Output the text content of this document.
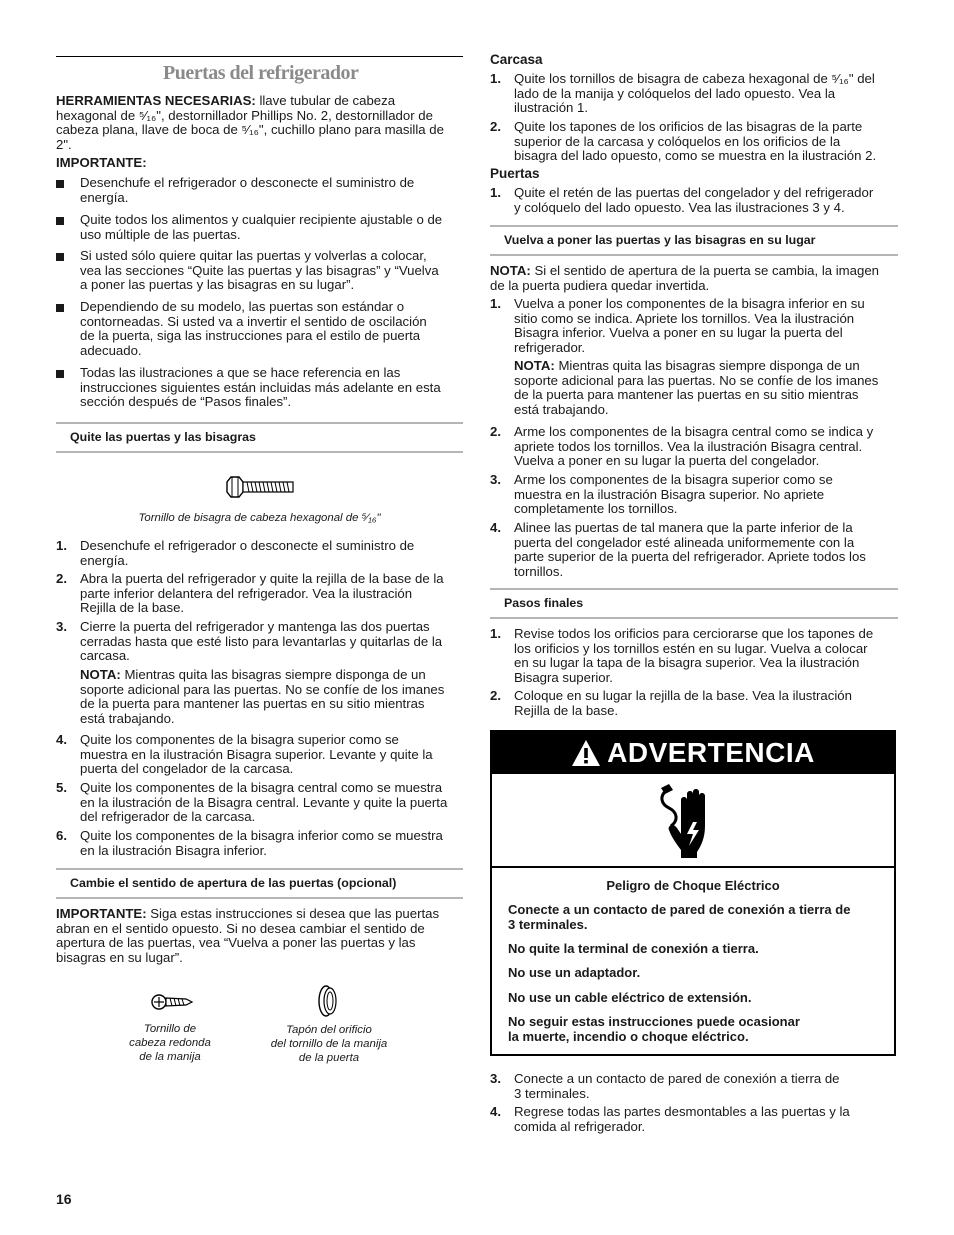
Puertas del refrigerador
HERRAMIENTAS NECESARIAS: llave tubular de cabeza
hexagonal de ⁵⁄₁₆", destornillador Phillips No. 2, destornillador de
cabeza plana, llave de boca de ⁵⁄₁₆", cuchillo plano para masilla de
2".
IMPORTANTE:
Desenchufe el refrigerador o desconecte el suministro de
energía.
Quite todos los alimentos y cualquier recipiente ajustable o de
uso múltiple de las puertas.
Si usted sólo quiere quitar las puertas y volverlas a colocar,
vea las secciones “Quite las puertas y las bisagras” y “Vuelva
a poner las puertas y las bisagras en su lugar”.
Dependiendo de su modelo, las puertas son estándar o
contorneadas. Si usted va a invertir el sentido de oscilación
de la puerta, siga las instrucciones para el estilo de puerta
adecuado.
Todas las ilustraciones a que se hace referencia en las
instrucciones siguientes están incluidas más adelante en esta
sección después de “Pasos finales”.
Quite las puertas y las bisagras
Tornillo de bisagra de cabeza hexagonal de ⁵⁄₁₆"
1. Desenchufe el refrigerador o desconecte el suministro de
energía.
2. Abra la puerta del refrigerador y quite la rejilla de la base de la
parte inferior delantera del refrigerador. Vea la ilustración
Rejilla de la base.
3. Cierre la puerta del refrigerador y mantenga las dos puertas
cerradas hasta que esté listo para levantarlas y quitarlas de la
carcasa.
NOTA: Mientras quita las bisagras siempre disponga de un
soporte adicional para las puertas. No se confíe de los imanes
de la puerta para mantener las puertas en su sitio mientras
está trabajando.
4. Quite los componentes de la bisagra superior como se
muestra en la ilustración Bisagra superior. Levante y quite la
puerta del congelador de la carcasa.
5. Quite los componentes de la bisagra central como se muestra
en la ilustración de la Bisagra central. Levante y quite la puerta
del refrigerador de la carcasa.
6. Quite los componentes de la bisagra inferior como se muestra
en la ilustración Bisagra inferior.
Cambie el sentido de apertura de las puertas (opcional)
IMPORTANTE: Siga estas instrucciones si desea que las puertas
abran en el sentido opuesto. Si no desea cambiar el sentido de
apertura de las puertas, vea “Vuelva a poner las puertas y las
bisagras en su lugar”.
Tornillo de
cabeza redonda
de la manija
Tapón del orificio
del tornillo de la manija
de la puerta
16
Carcasa
1. Quite los tornillos de bisagra de cabeza hexagonal de ⁵⁄₁₆" del
lado de la manija y colóquelos del lado opuesto. Vea la
ilustración 1.
2. Quite los tapones de los orificios de las bisagras de la parte
superior de la carcasa y colóquelos en los orificios de la
bisagra del lado opuesto, como se muestra en la ilustración 2.
Puertas
1. Quite el retén de las puertas del congelador y del refrigerador
y colóquelo del lado opuesto. Vea las ilustraciones 3 y 4.
Vuelva a poner las puertas y las bisagras en su lugar
NOTA: Si el sentido de apertura de la puerta se cambia, la imagen
de la puerta pudiera quedar invertida.
1. Vuelva a poner los componentes de la bisagra inferior en su
sitio como se indica. Apriete los tornillos. Vea la ilustración
Bisagra inferior. Vuelva a poner en su lugar la puerta del
refrigerador.
NOTA: Mientras quita las bisagras siempre disponga de un
soporte adicional para las puertas. No se confíe de los imanes
de la puerta para mantener las puertas en su sitio mientras
está trabajando.
2. Arme los componentes de la bisagra central como se indica y
apriete todos los tornillos. Vea la ilustración Bisagra central.
Vuelva a poner en su lugar la puerta del congelador.
3. Arme los componentes de la bisagra superior como se
muestra en la ilustración Bisagra superior. No apriete
completamente los tornillos.
4. Alinee las puertas de tal manera que la parte inferior de la
puerta del congelador esté alineada uniformemente con la
parte superior de la puerta del refrigerador. Apriete todos los
tornillos.
Pasos finales
1. Revise todos los orificios para cerciorarse que los tapones de
los orificios y los tornillos estén en su lugar. Vuelva a colocar
en su lugar la tapa de la bisagra superior. Vea la ilustración
Bisagra superior.
2. Coloque en su lugar la rejilla de la base. Vea la ilustración
Rejilla de la base.
ADVERTENCIA
Peligro de Choque Eléctrico
Conecte a un contacto de pared de conexión a tierra de
3 terminales.
No quite la terminal de conexión a tierra.
No use un adaptador.
No use un cable eléctrico de extensión.
No seguir estas instrucciones puede ocasionar
la muerte, incendio o choque eléctrico.
3. Conecte a un contacto de pared de conexión a tierra de
3 terminales.
4. Regrese todas las partes desmontables a las puertas y la
comida al refrigerador.
